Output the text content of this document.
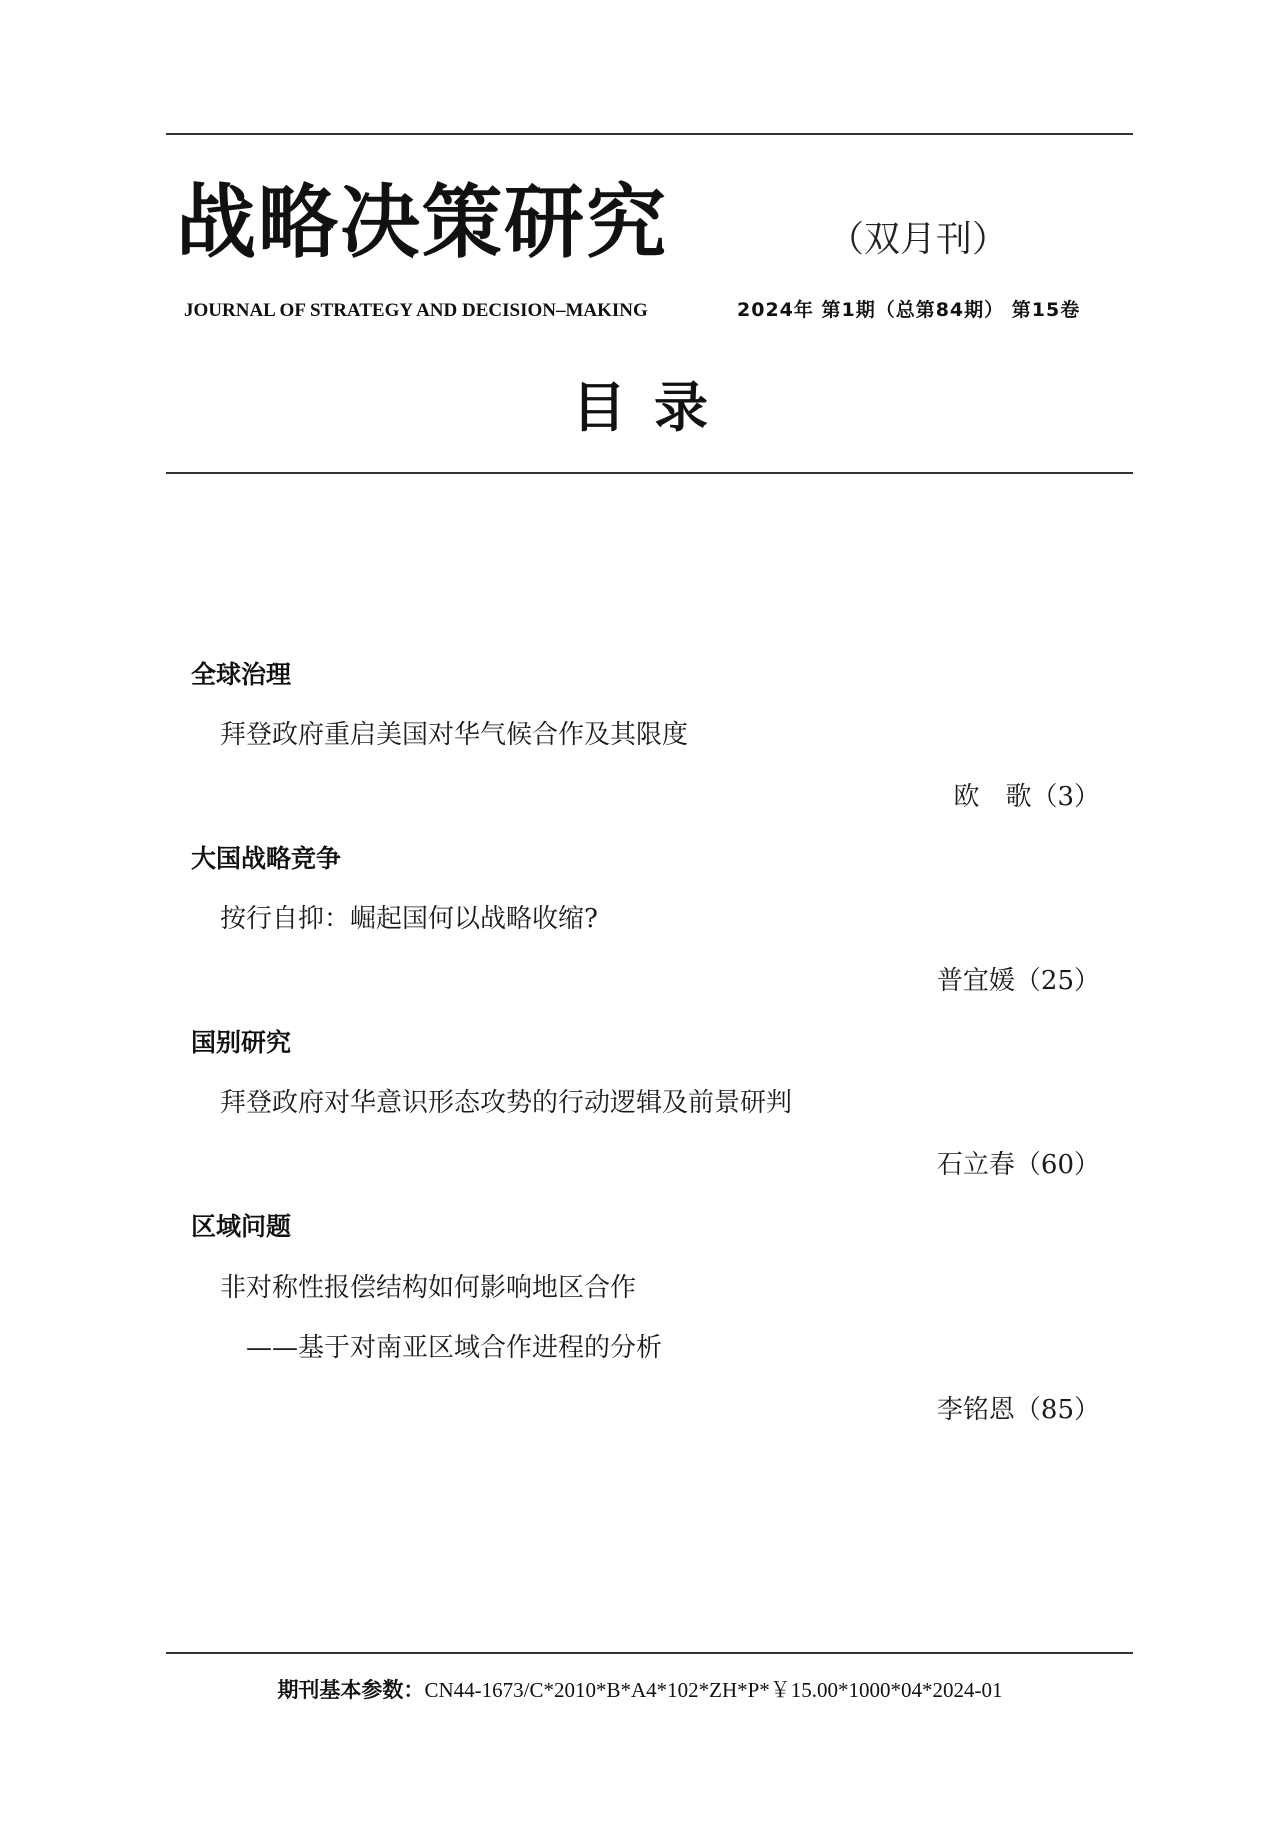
战略决策研究	（双月刊）
JOURNAL OF STRATEGY AND DECISION–MAKING	2024年 第1期（总第84期） 第15卷
目录
全球治理
拜登政府重启美国对华气候合作及其限度
欧　歌（3）
大国战略竞争
按行自抑：崛起国何以战略收缩?
普宜媛（25）
国别研究
拜登政府对华意识形态攻势的行动逻辑及前景研判
石立春（60）
区域问题
非对称性报偿结构如何影响地区合作
——基于对南亚区域合作进程的分析
李铭恩（85）
期刊基本参数：CN44-1673/C*2010*B*A4*102*ZH*P*￥15.00*1000*04*2024-01
